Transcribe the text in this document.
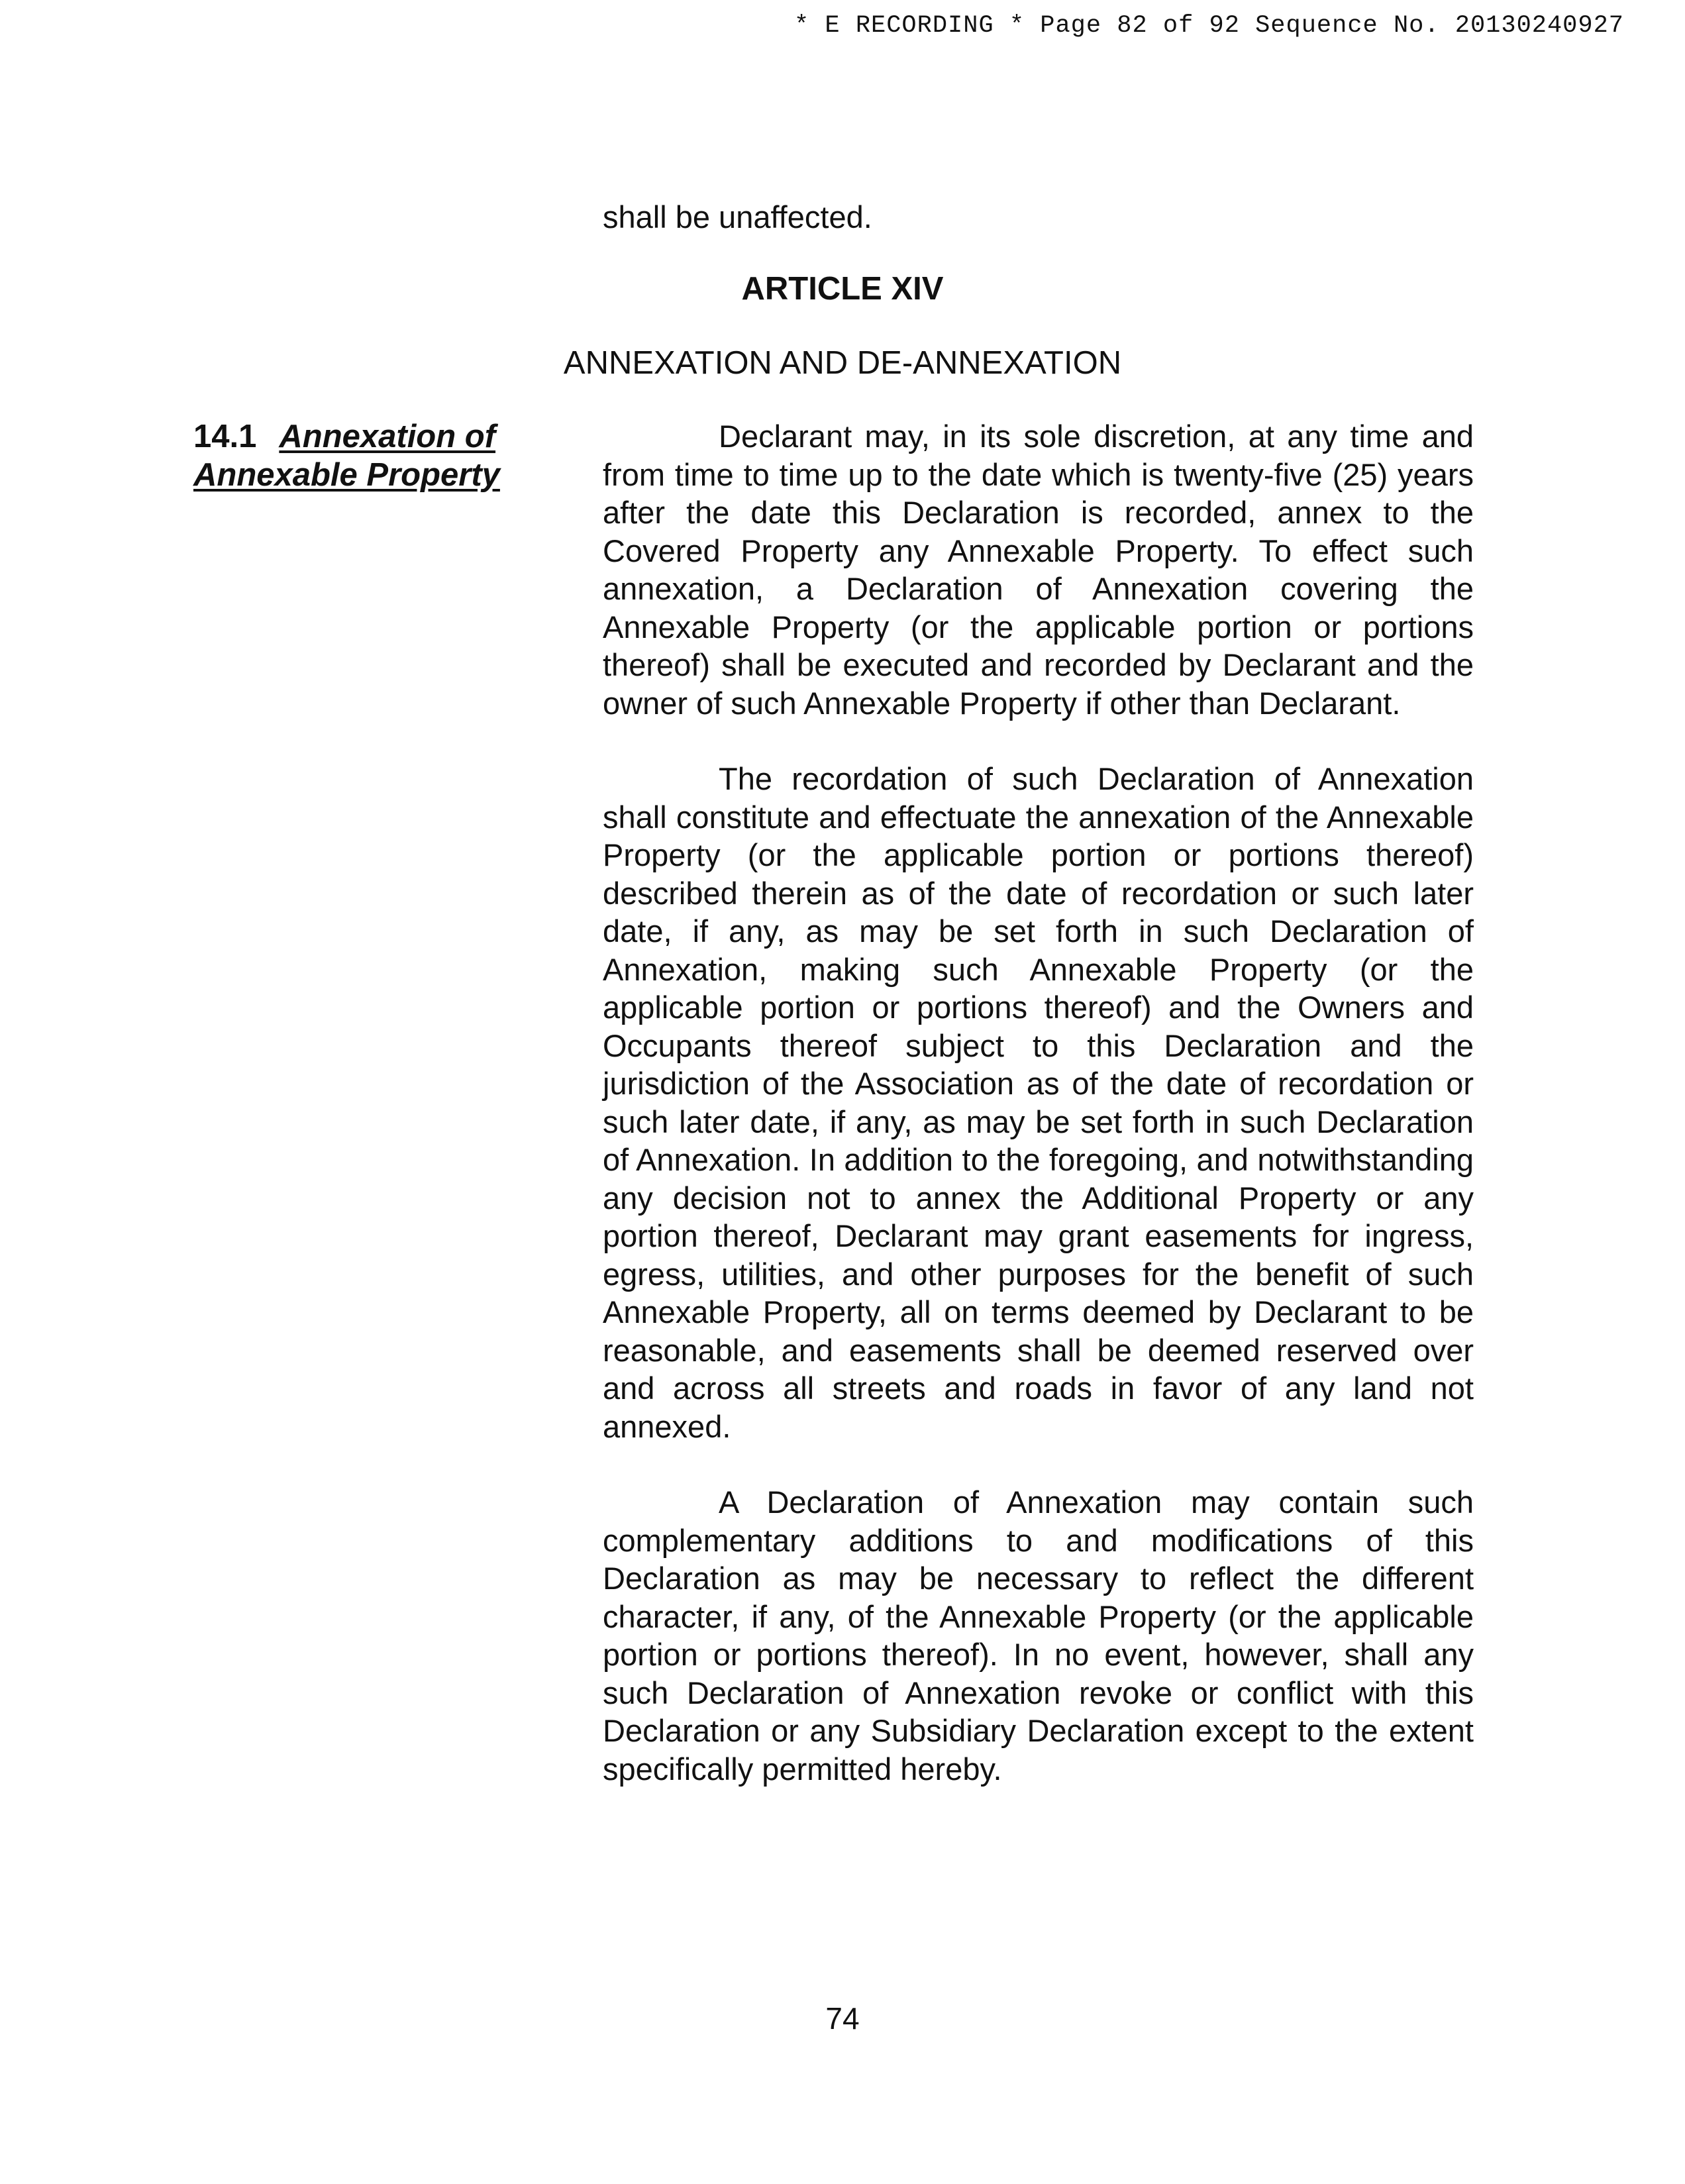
* E RECORDING * Page 82 of 92 Sequence No. 20130240927
shall be unaffected.
ARTICLE XIV
ANNEXATION AND DE-ANNEXATION
14.1 Annexation of Annexable Property

Declarant may, in its sole discretion, at any time and from time to time up to the date which is twenty-five (25) years after the date this Declaration is recorded, annex to the Covered Property any Annexable Property. To effect such annexation, a Declaration of Annexation covering the Annexable Property (or the applicable portion or portions thereof) shall be executed and recorded by Declarant and the owner of such Annexable Property if other than Declarant.

The recordation of such Declaration of Annexation shall constitute and effectuate the annexation of the Annexable Property (or the applicable portion or portions thereof) described therein as of the date of recordation or such later date, if any, as may be set forth in such Declaration of Annexation, making such Annexable Property (or the applicable portion or portions thereof) and the Owners and Occupants thereof subject to this Declaration and the jurisdiction of the Association as of the date of recordation or such later date, if any, as may be set forth in such Declaration of Annexation. In addition to the foregoing, and notwithstanding any decision not to annex the Additional Property or any portion thereof, Declarant may grant easements for ingress, egress, utilities, and other purposes for the benefit of such Annexable Property, all on terms deemed by Declarant to be reasonable, and easements shall be deemed reserved over and across all streets and roads in favor of any land not annexed.

A Declaration of Annexation may contain such complementary additions to and modifications of this Declaration as may be necessary to reflect the different character, if any, of the Annexable Property (or the applicable portion or portions thereof). In no event, however, shall any such Declaration of Annexation revoke or conflict with this Declaration or any Subsidiary Declaration except to the extent specifically permitted hereby.

74
